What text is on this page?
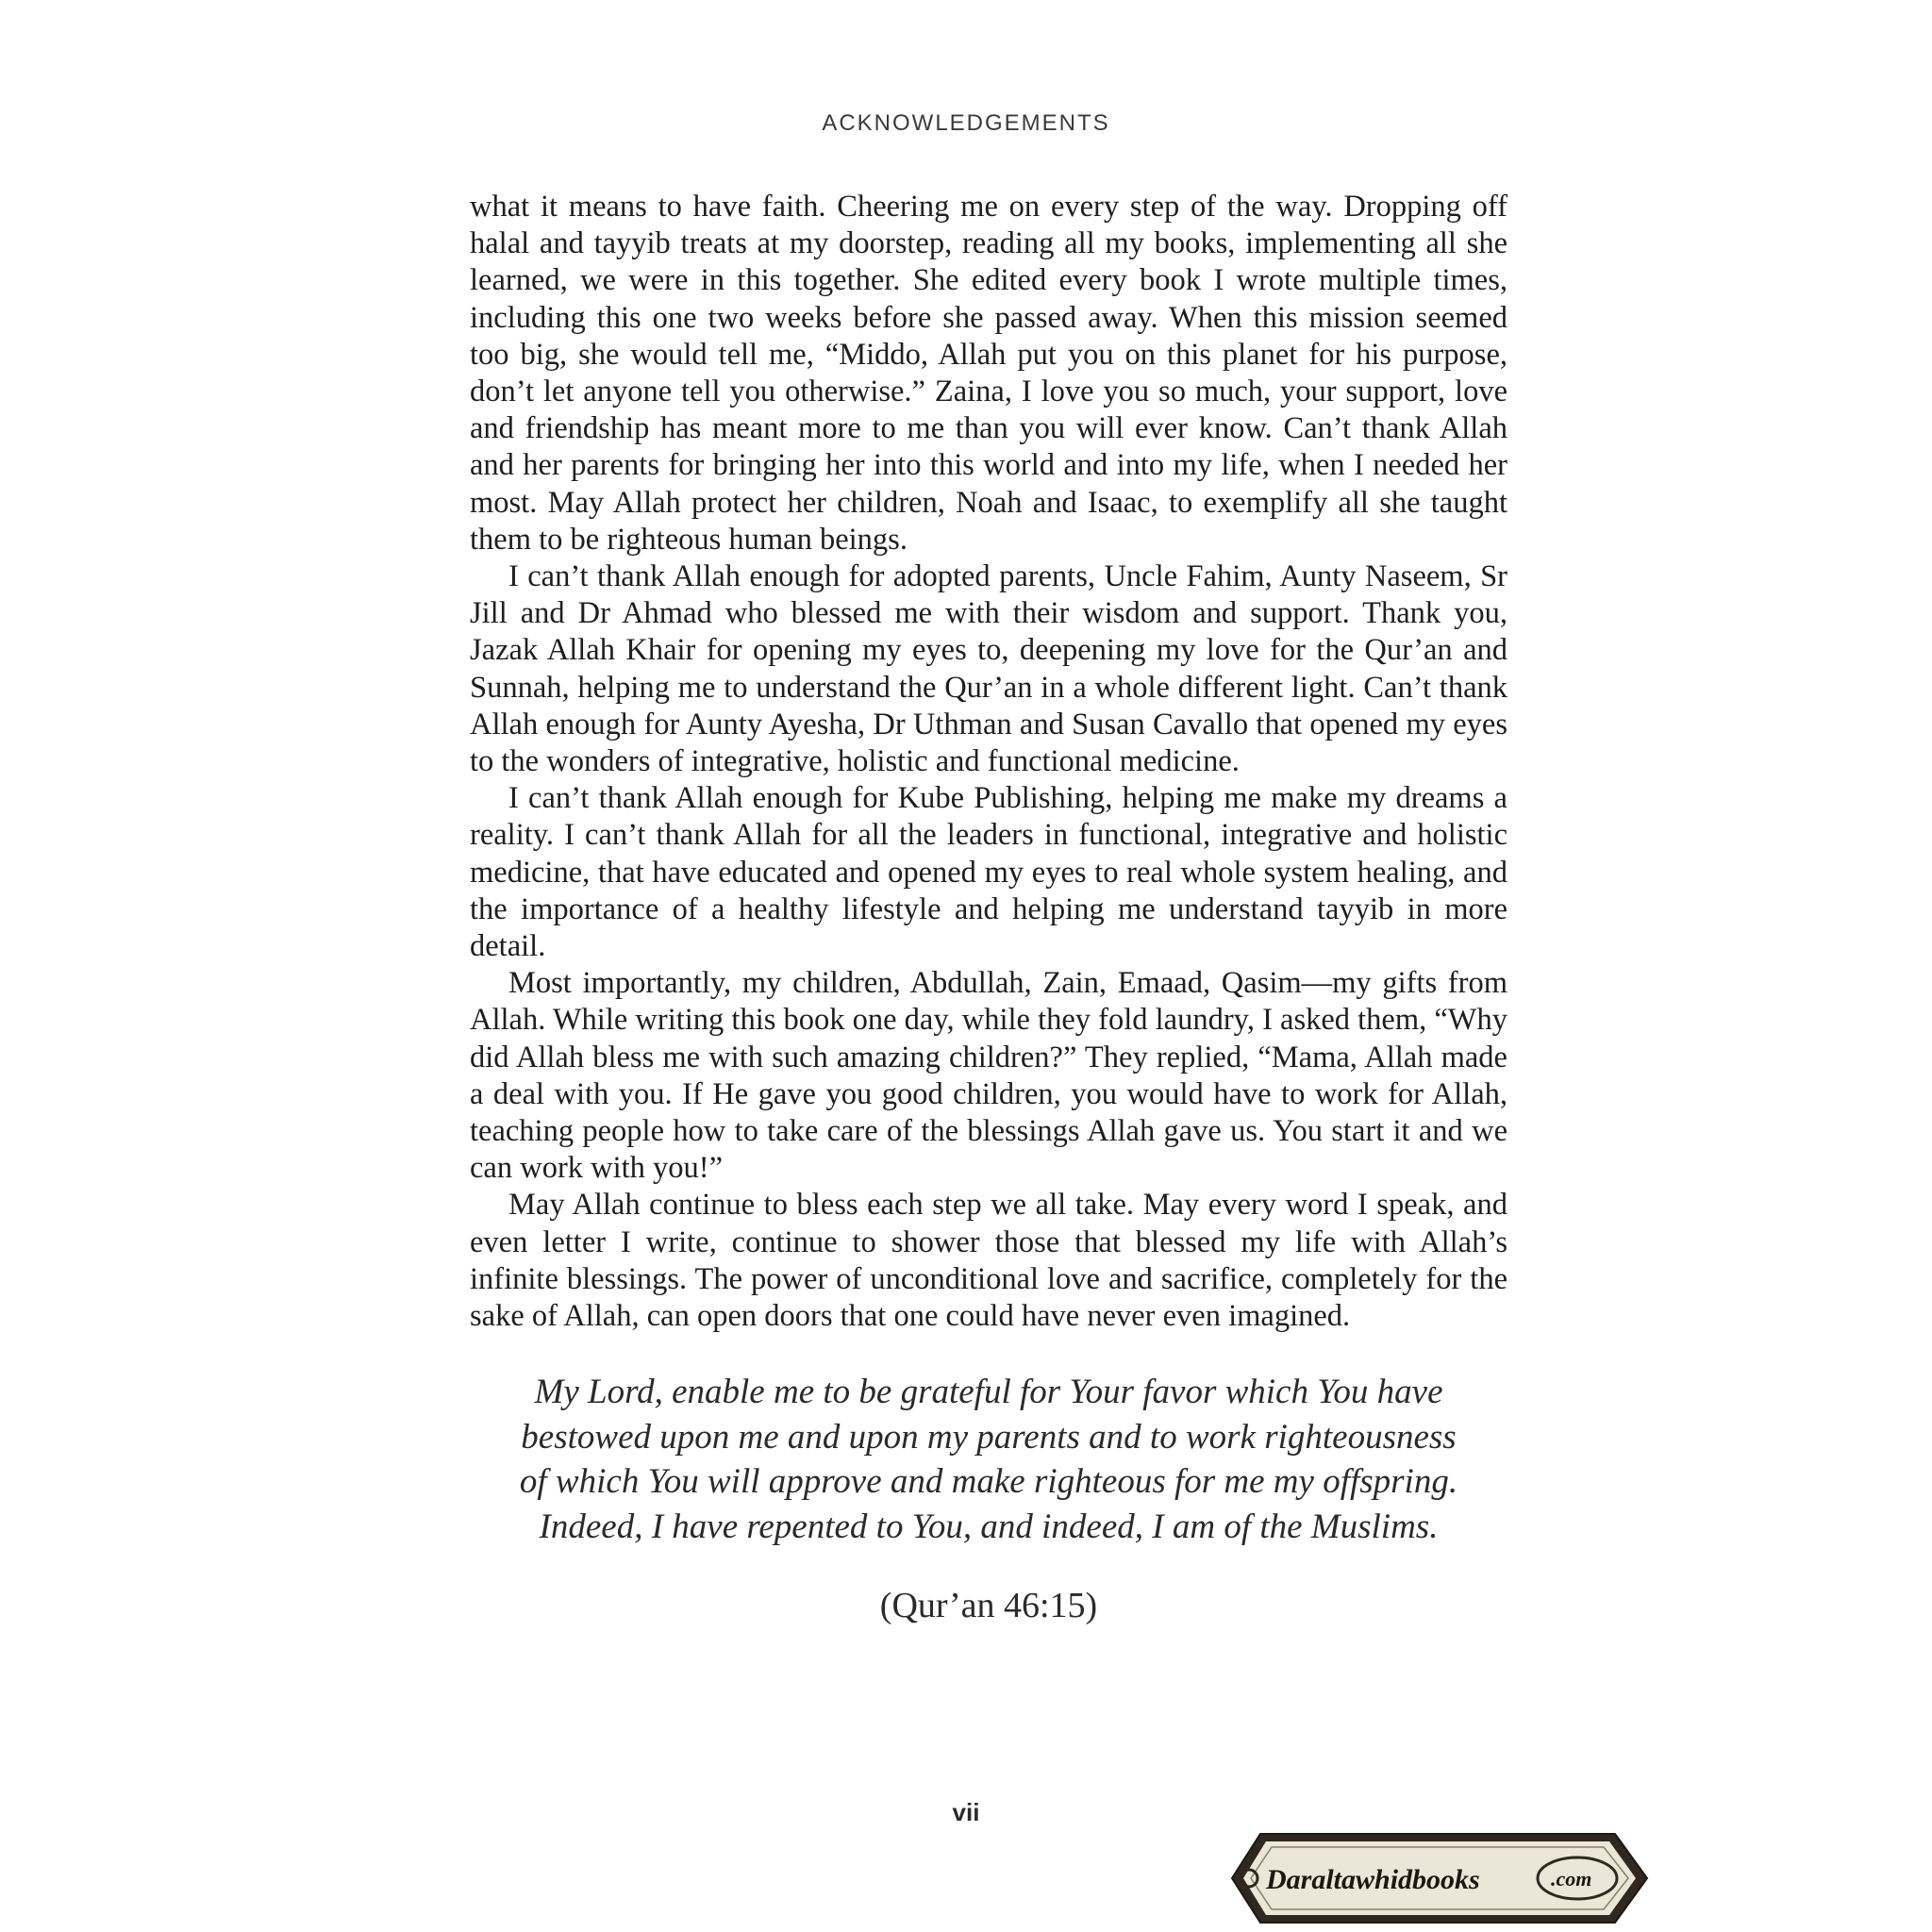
ACKNOWLEDGEMENTS

what it means to have faith. Cheering me on every step of the way. Dropping off halal and tayyib treats at my doorstep, reading all my books, implementing all she learned, we were in this together. She edited every book I wrote multiple times, including this one two weeks before she passed away. When this mission seemed too big, she would tell me, “Middo, Allah put you on this planet for his purpose, don’t let anyone tell you otherwise.” Zaina, I love you so much, your support, love and friendship has meant more to me than you will ever know. Can’t thank Allah and her parents for bringing her into this world and into my life, when I needed her most. May Allah protect her children, Noah and Isaac, to exemplify all she taught them to be righteous human beings.

I can’t thank Allah enough for adopted parents, Uncle Fahim, Aunty Naseem, Sr Jill and Dr Ahmad who blessed me with their wisdom and support. Thank you, Jazak Allah Khair for opening my eyes to, deepening my love for the Qur’an and Sunnah, helping me to understand the Qur’an in a whole different light. Can’t thank Allah enough for Aunty Ayesha, Dr Uthman and Susan Cavallo that opened my eyes to the wonders of integrative, holistic and functional medicine.

I can’t thank Allah enough for Kube Publishing, helping me make my dreams a reality. I can’t thank Allah for all the leaders in functional, integrative and holistic medicine, that have educated and opened my eyes to real whole system healing, and the importance of a healthy lifestyle and helping me understand tayyib in more detail.

Most importantly, my children, Abdullah, Zain, Emaad, Qasim—my gifts from Allah. While writing this book one day, while they fold laundry, I asked them, “Why did Allah bless me with such amazing children?” They replied, “Mama, Allah made a deal with you. If He gave you good children, you would have to work for Allah, teaching people how to take care of the blessings Allah gave us. You start it and we can work with you!”

May Allah continue to bless each step we all take. May every word I speak, and even letter I write, continue to shower those that blessed my life with Allah’s infinite blessings. The power of unconditional love and sacrifice, completely for the sake of Allah, can open doors that one could have never even imagined.

My Lord, enable me to be grateful for Your favor which You have
bestowed upon me and upon my parents and to work righteousness
of which You will approve and make righteous for me my offspring.
Indeed, I have repented to You, and indeed, I am of the Muslims.
(Qur’an 46:15)
vii
Daraltawhidbooks	.com
